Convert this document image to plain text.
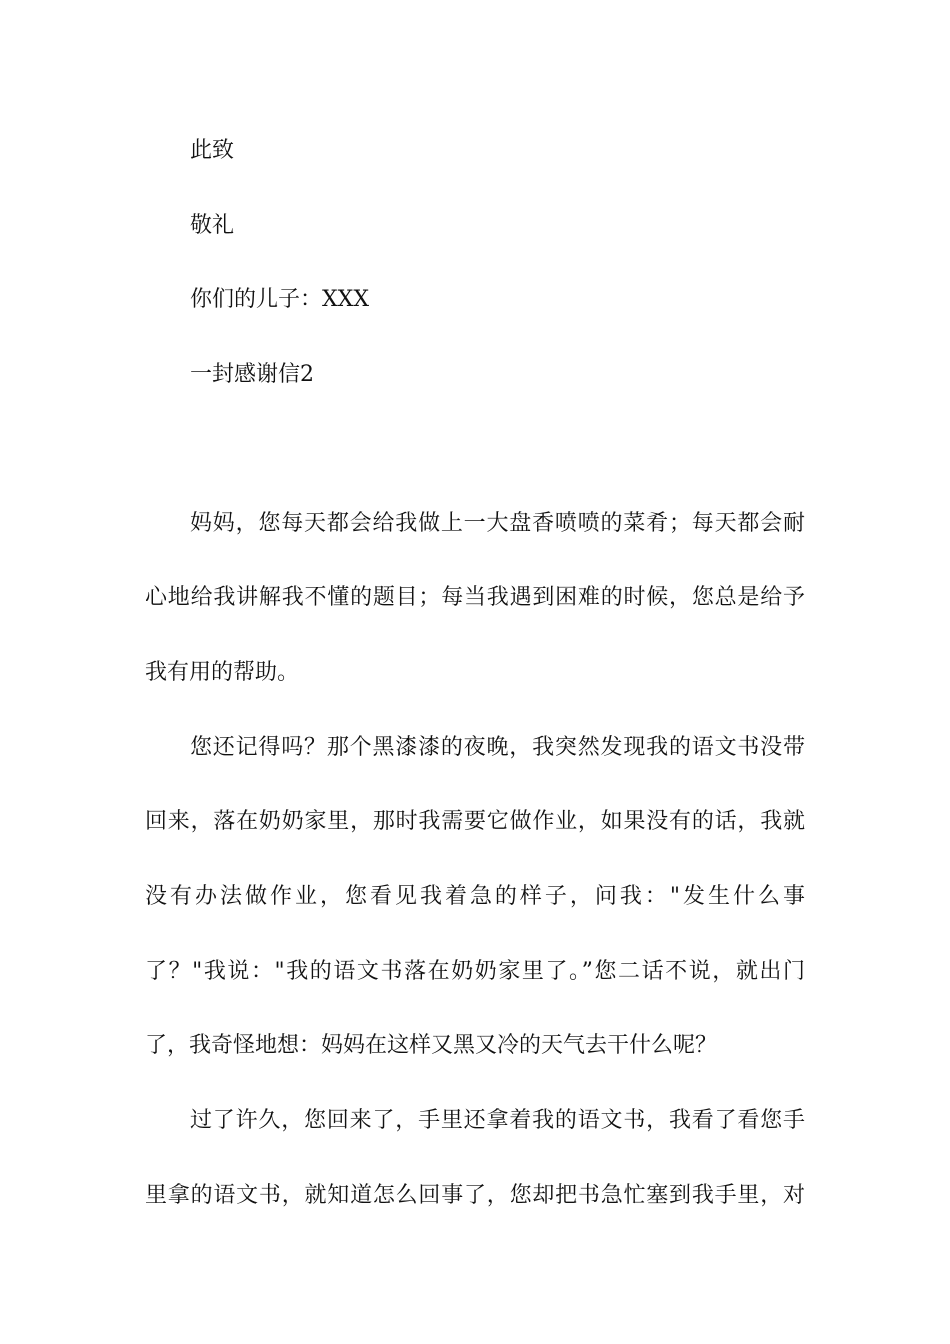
此致
敬礼
你们的儿子：XXX
一封感谢信2
妈妈，您每天都会给我做上一大盘香喷喷的菜肴；每天都会耐
心地给我讲解我不懂的题目；每当我遇到困难的时候，您总是给予
我有用的帮助。
您还记得吗？那个黑漆漆的夜晚，我突然发现我的语文书没带
回来，落在奶奶家里，那时我需要它做作业，如果没有的话，我就
没有办法做作业，您看见我着急的样子，问我："发生什么事
了？"我说："我的语文书落在奶奶家里了。”您二话不说，就出门
了，我奇怪地想：妈妈在这样又黑又冷的天气去干什么呢？
过了许久，您回来了，手里还拿着我的语文书，我看了看您手
里拿的语文书，就知道怎么回事了，您却把书急忙塞到我手里，对
